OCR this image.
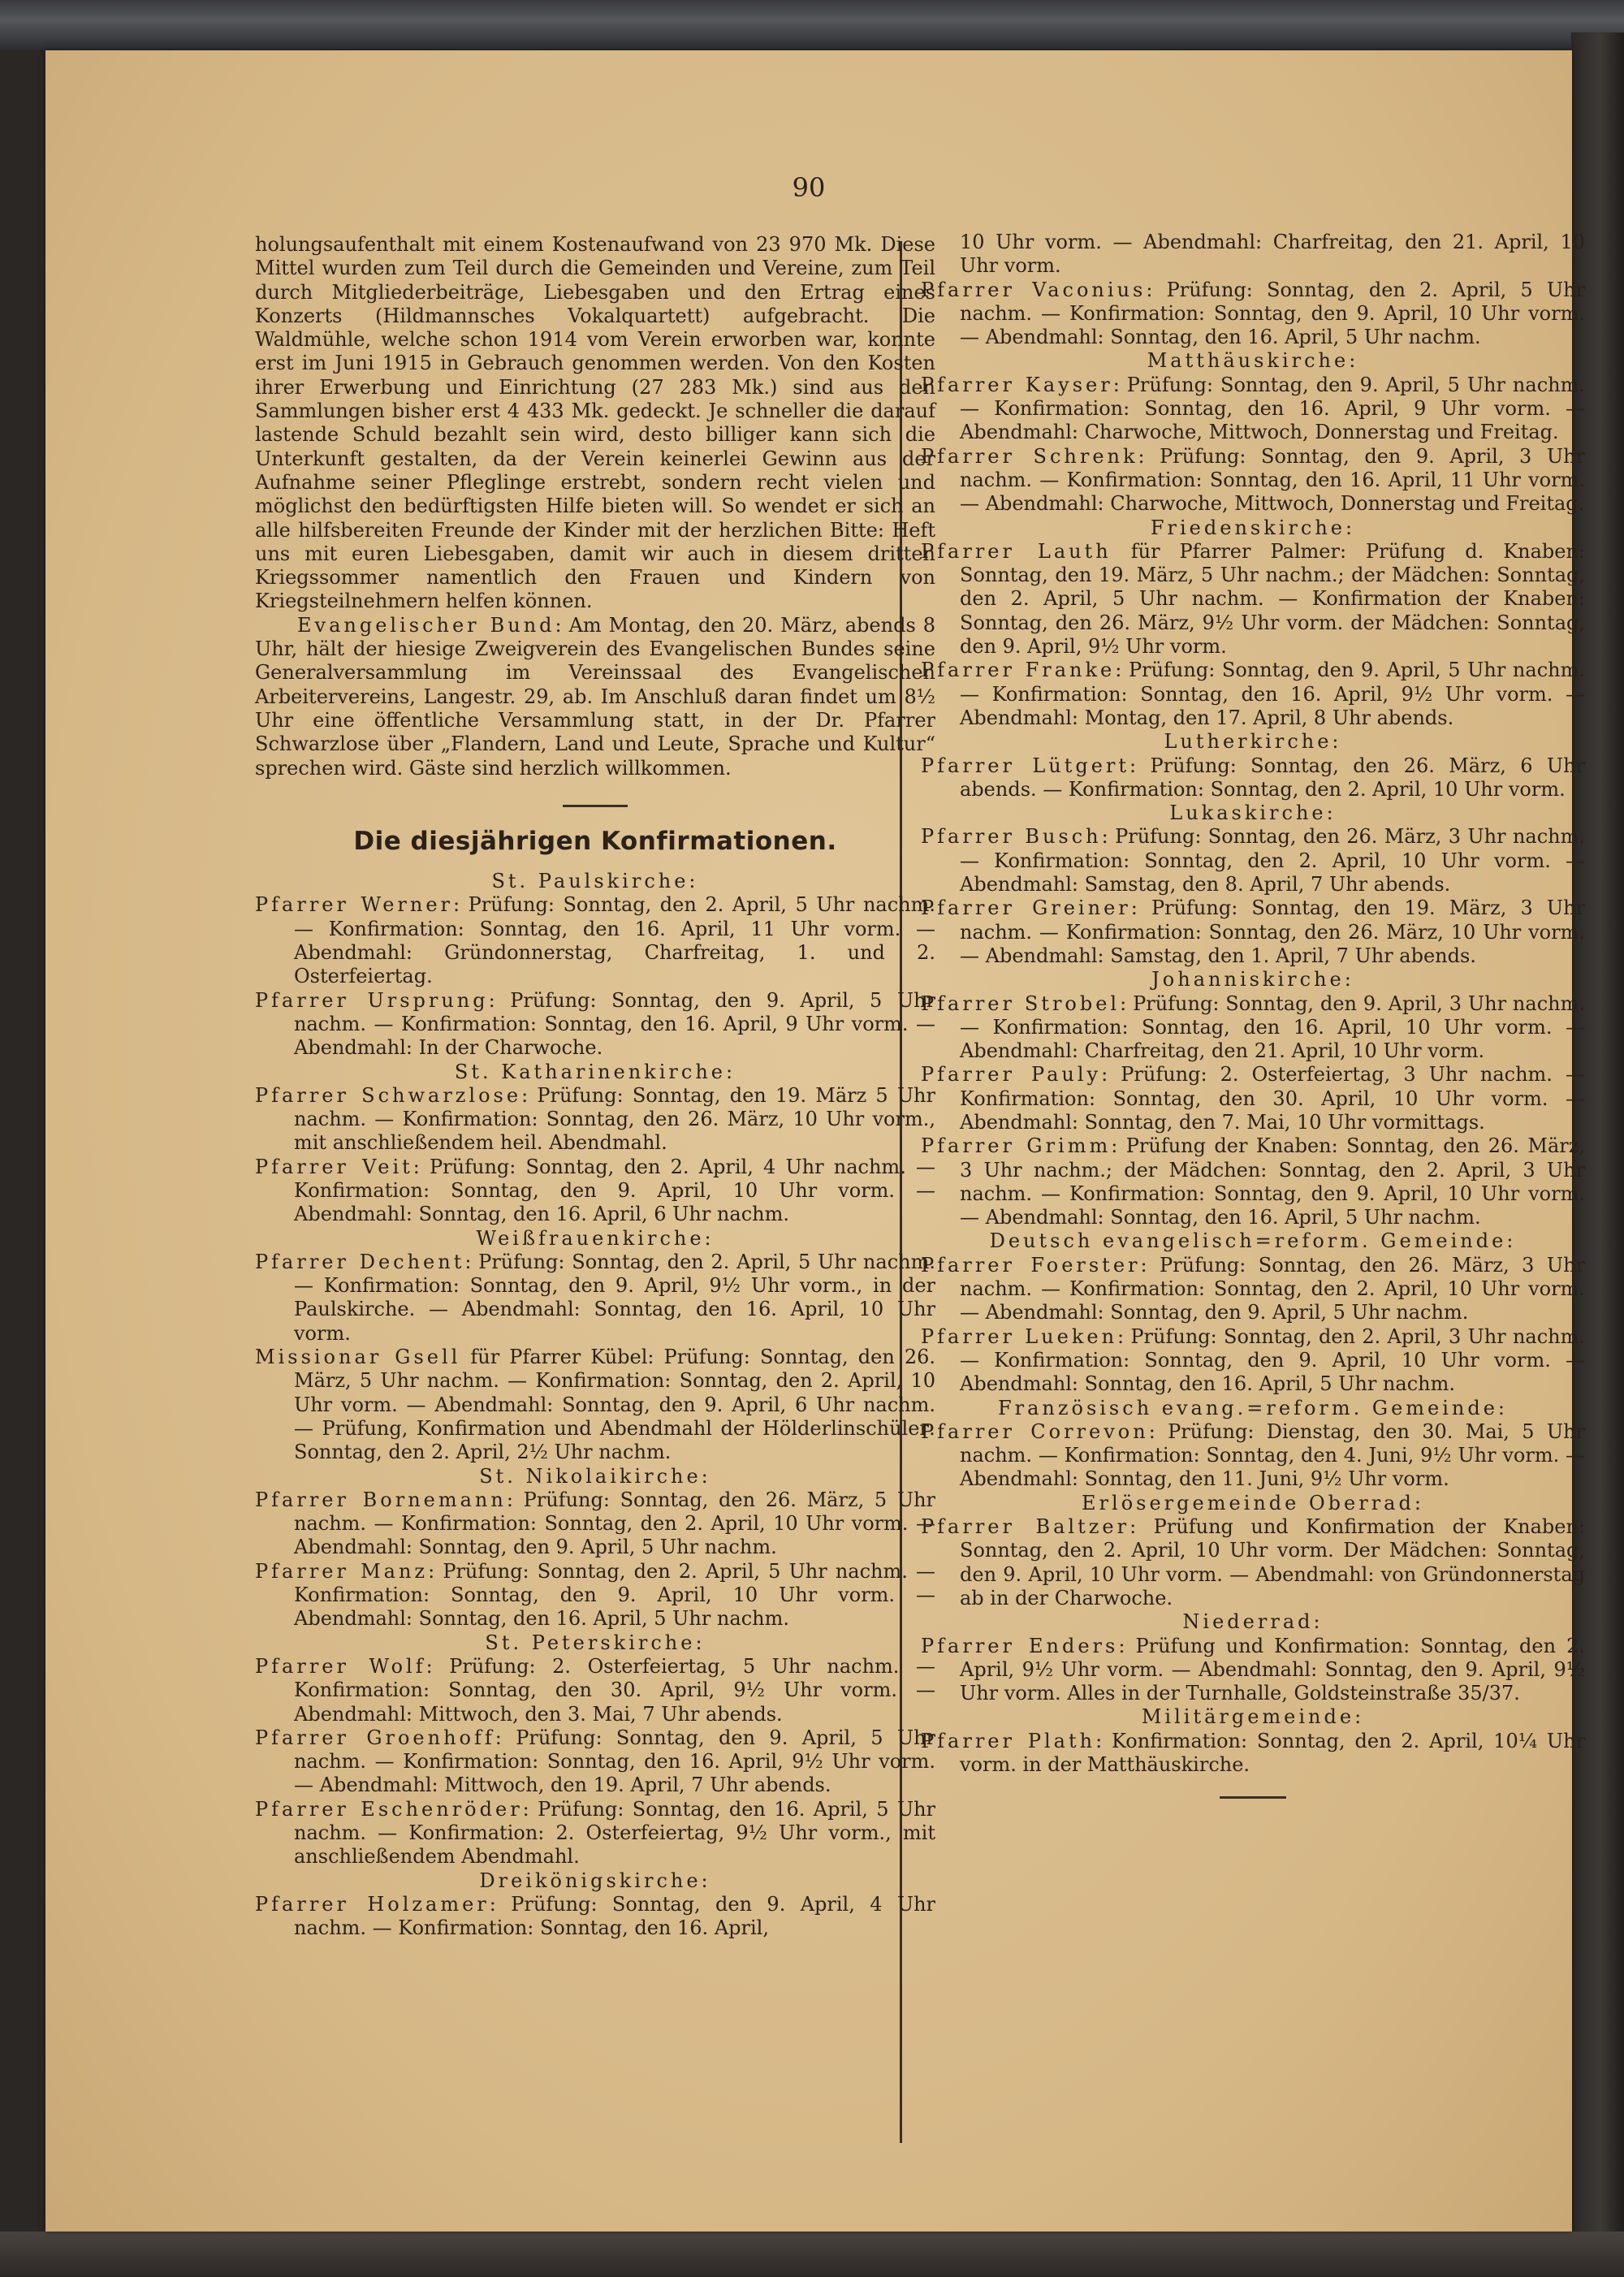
90

holungsaufenthalt mit einem Kostenaufwand von 23 970 Mk. Diese Mittel wurden zum Teil durch die Gemeinden und Vereine, zum Teil durch Mitgliederbeiträge, Liebesgaben und den Ertrag eines Konzerts (Hildmannsches Vokalquartett) aufgebracht. Die Waldmühle, welche schon 1914 vom Verein erworben war, konnte erst im Juni 1915 in Gebrauch genommen werden. Von den Kosten ihrer Erwerbung und Einrichtung (27 283 Mk.) sind aus den Sammlungen bisher erst 4 433 Mk. gedeckt. Je schneller die darauf lastende Schuld bezahlt sein wird, desto billiger kann sich die Unterkunft gestalten, da der Verein keinerlei Gewinn aus der Aufnahme seiner Pfleglinge erstrebt, sondern recht vielen und möglichst den bedürftigsten Hilfe bieten will. So wendet er sich an alle hilfsbereiten Freunde der Kinder mit der herzlichen Bitte: Heft uns mit euren Liebesgaben, damit wir auch in diesem dritten Kriegssommer namentlich den Frauen und Kindern von Kriegsteilnehmern helfen können.

Evangelischer Bund: Am Montag, den 20. März, abends 8 Uhr, hält der hiesige Zweigverein des Evangelischen Bundes seine Generalversammlung im Vereinssaal des Evangelischen Arbeitervereins, Langestr. 29, ab. Im Anschluß daran findet um 8½ Uhr eine öffentliche Versammlung statt, in der Dr. Pfarrer Schwarzlose über „Flandern, Land und Leute, Sprache und Kultur“ sprechen wird. Gäste sind herzlich willkommen.

Die diesjährigen Konfirmationen.

St. Paulskirche:

Pfarrer Werner: Prüfung: Sonntag, den 2. April, 5 Uhr nachm. — Konfirmation: Sonntag, den 16. April, 11 Uhr vorm. — Abendmahl: Gründonnerstag, Charfreitag, 1. und 2. Osterfeiertag.

Pfarrer Ursprung: Prüfung: Sonntag, den 9. April, 5 Uhr nachm. — Konfirmation: Sonntag, den 16. April, 9 Uhr vorm. — Abendmahl: In der Charwoche.

St. Katharinenkirche:

Pfarrer Schwarzlose: Prüfung: Sonntag, den 19. März 5 Uhr nachm. — Konfirmation: Sonntag, den 26. März, 10 Uhr vorm., mit anschließendem heil. Abendmahl.

Pfarrer Veit: Prüfung: Sonntag, den 2. April, 4 Uhr nachm. — Konfirmation: Sonntag, den 9. April, 10 Uhr vorm. — Abendmahl: Sonntag, den 16. April, 6 Uhr nachm.

Weißfrauenkirche:

Pfarrer Dechent: Prüfung: Sonntag, den 2. April, 5 Uhr nachm. — Konfirmation: Sonntag, den 9. April, 9½ Uhr vorm., in der Paulskirche. — Abendmahl: Sonntag, den 16. April, 10 Uhr vorm.

Missionar Gsell für Pfarrer Kübel: Prüfung: Sonntag, den 26. März, 5 Uhr nachm. — Konfirmation: Sonntag, den 2. April, 10 Uhr vorm. — Abendmahl: Sonntag, den 9. April, 6 Uhr nachm. — Prüfung, Konfirmation und Abendmahl der Hölderlinschüler: Sonntag, den 2. April, 2½ Uhr nachm.

St. Nikolaikirche:

Pfarrer Bornemann: Prüfung: Sonntag, den 26. März, 5 Uhr nachm. — Konfirmation: Sonntag, den 2. April, 10 Uhr vorm. — Abendmahl: Sonntag, den 9. April, 5 Uhr nachm.

Pfarrer Manz: Prüfung: Sonntag, den 2. April, 5 Uhr nachm. — Konfirmation: Sonntag, den 9. April, 10 Uhr vorm. — Abendmahl: Sonntag, den 16. April, 5 Uhr nachm.

St. Peterskirche:

Pfarrer Wolf: Prüfung: 2. Osterfeiertag, 5 Uhr nachm. — Konfirmation: Sonntag, den 30. April, 9½ Uhr vorm. — Abendmahl: Mittwoch, den 3. Mai, 7 Uhr abends.

Pfarrer Groenhoff: Prüfung: Sonntag, den 9. April, 5 Uhr nachm. — Konfirmation: Sonntag, den 16. April, 9½ Uhr vorm. — Abendmahl: Mittwoch, den 19. April, 7 Uhr abends.

Pfarrer Eschenröder: Prüfung: Sonntag, den 16. April, 5 Uhr nachm. — Konfirmation: 2. Osterfeiertag, 9½ Uhr vorm., mit anschließendem Abendmahl.

Dreikönigskirche:

Pfarrer Holzamer: Prüfung: Sonntag, den 9. April, 4 Uhr nachm. — Konfirmation: Sonntag, den 16. April,

10 Uhr vorm. — Abendmahl: Charfreitag, den 21. April, 10 Uhr vorm.

Pfarrer Vaconius: Prüfung: Sonntag, den 2. April, 5 Uhr nachm. — Konfirmation: Sonntag, den 9. April, 10 Uhr vorm. — Abendmahl: Sonntag, den 16. April, 5 Uhr nachm.

Matthäuskirche:

Pfarrer Kayser: Prüfung: Sonntag, den 9. April, 5 Uhr nachm. — Konfirmation: Sonntag, den 16. April, 9 Uhr vorm. — Abendmahl: Charwoche, Mittwoch, Donnerstag und Freitag.

Pfarrer Schrenk: Prüfung: Sonntag, den 9. April, 3 Uhr nachm. — Konfirmation: Sonntag, den 16. April, 11 Uhr vorm. — Abendmahl: Charwoche, Mittwoch, Donnerstag und Freitag.

Friedenskirche:

Pfarrer Lauth für Pfarrer Palmer: Prüfung d. Knaben: Sonntag, den 19. März, 5 Uhr nachm.; der Mädchen: Sonntag, den 2. April, 5 Uhr nachm. — Konfirmation der Knaben: Sonntag, den 26. März, 9½ Uhr vorm. der Mädchen: Sonntag, den 9. April, 9½ Uhr vorm.

Pfarrer Franke: Prüfung: Sonntag, den 9. April, 5 Uhr nachm. — Konfirmation: Sonntag, den 16. April, 9½ Uhr vorm. — Abendmahl: Montag, den 17. April, 8 Uhr abends.

Lutherkirche:

Pfarrer Lütgert: Prüfung: Sonntag, den 26. März, 6 Uhr abends. — Konfirmation: Sonntag, den 2. April, 10 Uhr vorm.

Lukaskirche:

Pfarrer Busch: Prüfung: Sonntag, den 26. März, 3 Uhr nachm. — Konfirmation: Sonntag, den 2. April, 10 Uhr vorm. — Abendmahl: Samstag, den 8. April, 7 Uhr abends.

Pfarrer Greiner: Prüfung: Sonntag, den 19. März, 3 Uhr nachm. — Konfirmation: Sonntag, den 26. März, 10 Uhr vorm. — Abendmahl: Samstag, den 1. April, 7 Uhr abends.

Johanniskirche:

Pfarrer Strobel: Prüfung: Sonntag, den 9. April, 3 Uhr nachm. — Konfirmation: Sonntag, den 16. April, 10 Uhr vorm. — Abendmahl: Charfreitag, den 21. April, 10 Uhr vorm.

Pfarrer Pauly: Prüfung: 2. Osterfeiertag, 3 Uhr nachm. — Konfirmation: Sonntag, den 30. April, 10 Uhr vorm. — Abendmahl: Sonntag, den 7. Mai, 10 Uhr vormittags.

Pfarrer Grimm: Prüfung der Knaben: Sonntag, den 26. März, 3 Uhr nachm.; der Mädchen: Sonntag, den 2. April, 3 Uhr nachm. — Konfirmation: Sonntag, den 9. April, 10 Uhr vorm. — Abendmahl: Sonntag, den 16. April, 5 Uhr nachm.

Deutsch evangelisch=reform. Gemeinde:

Pfarrer Foerster: Prüfung: Sonntag, den 26. März, 3 Uhr nachm. — Konfirmation: Sonntag, den 2. April, 10 Uhr vorm. — Abendmahl: Sonntag, den 9. April, 5 Uhr nachm.

Pfarrer Lueken: Prüfung: Sonntag, den 2. April, 3 Uhr nachm. — Konfirmation: Sonntag, den 9. April, 10 Uhr vorm. — Abendmahl: Sonntag, den 16. April, 5 Uhr nachm.

Französisch evang.=reform. Gemeinde:

Pfarrer Correvon: Prüfung: Dienstag, den 30. Mai, 5 Uhr nachm. — Konfirmation: Sonntag, den 4. Juni, 9½ Uhr vorm. — Abendmahl: Sonntag, den 11. Juni, 9½ Uhr vorm.

Erlösergemeinde Oberrad:

Pfarrer Baltzer: Prüfung und Konfirmation der Knaben: Sonntag, den 2. April, 10 Uhr vorm. Der Mädchen: Sonntag, den 9. April, 10 Uhr vorm. — Abendmahl: von Gründonnerstag ab in der Charwoche.

Niederrad:

Pfarrer Enders: Prüfung und Konfirmation: Sonntag, den 2. April, 9½ Uhr vorm. — Abendmahl: Sonntag, den 9. April, 9½ Uhr vorm. Alles in der Turnhalle, Goldsteinstraße 35/37.

Militärgemeinde:

Pfarrer Plath: Konfirmation: Sonntag, den 2. April, 10¼ Uhr vorm. in der Matthäuskirche.
